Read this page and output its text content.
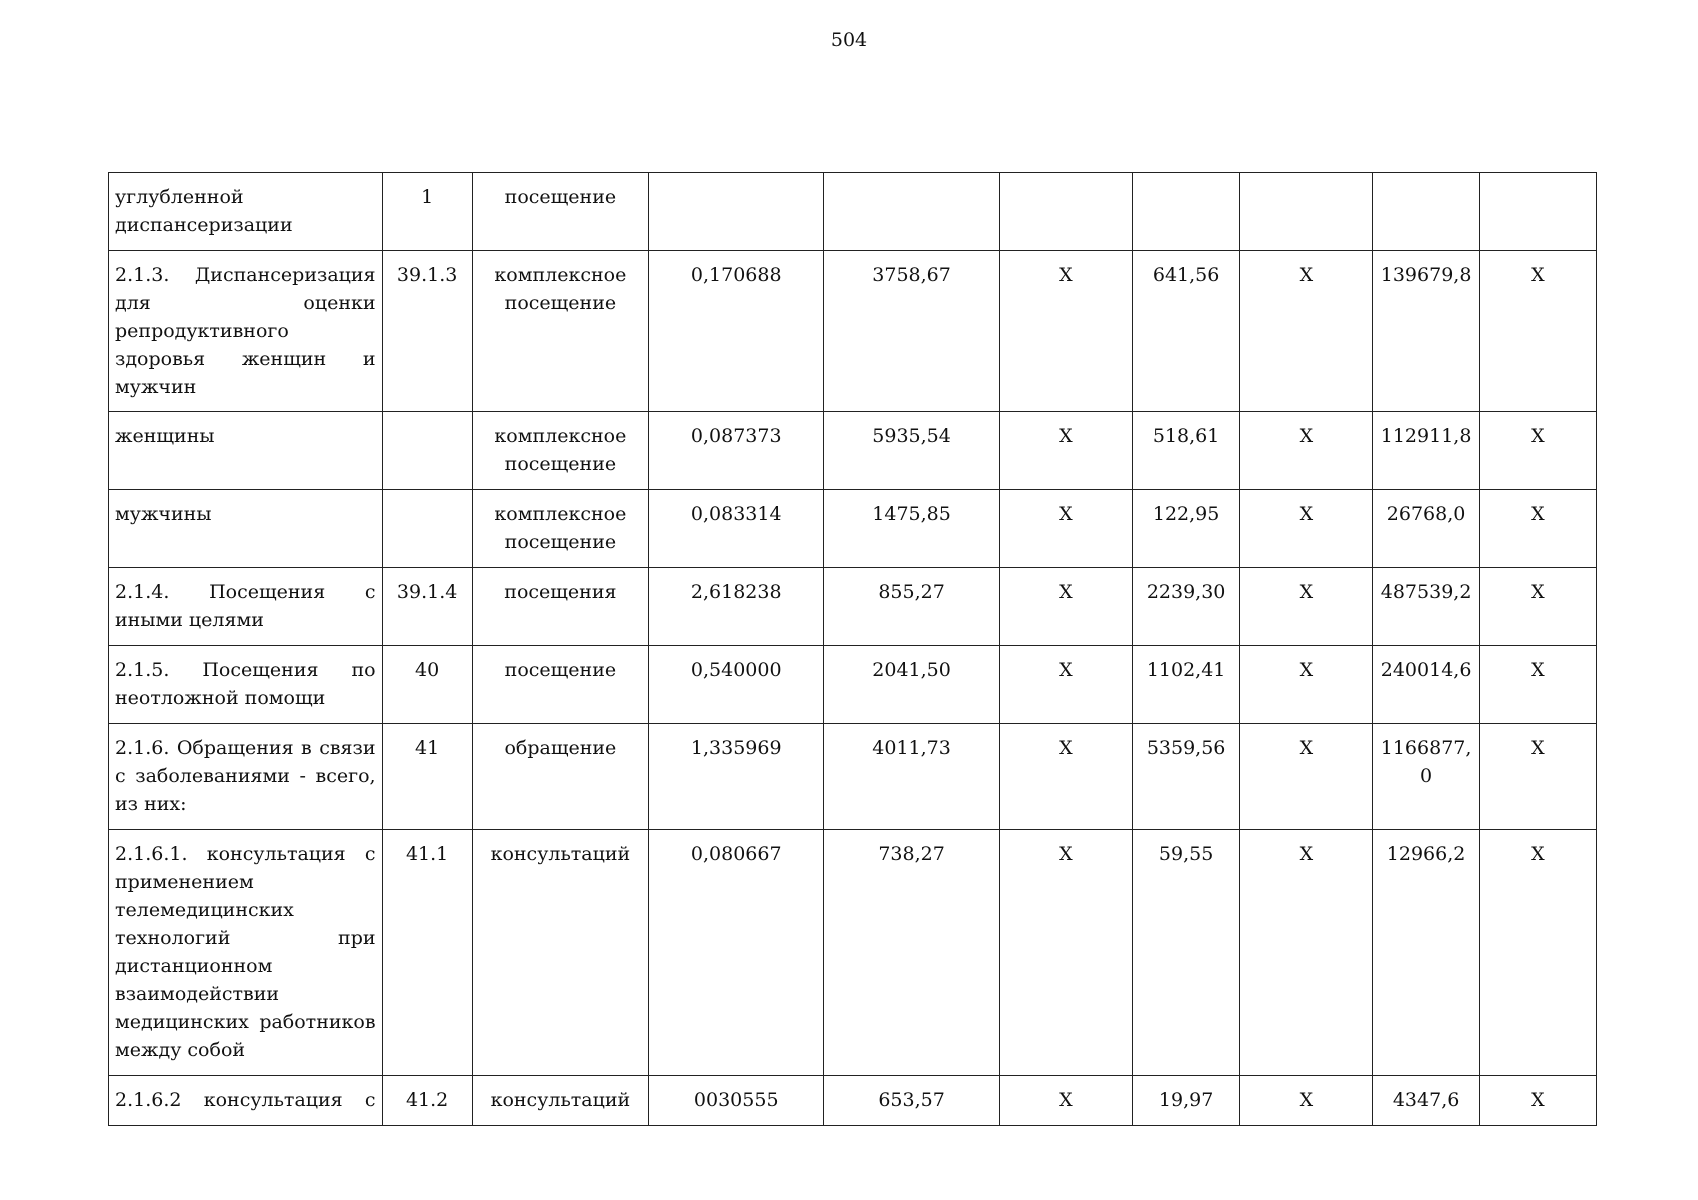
504
углубленной диспансеризации	1	посещение							
2.1.3. Диспансеризация для оценки репродуктивного здоровья женщин и мужчин	39.1.3	комплексное посещение	0,170688	3758,67	X	641,56	X	139679,8	X
женщины		комплексное посещение	0,087373	5935,54	X	518,61	X	112911,8	X
мужчины		комплексное посещение	0,083314	1475,85	X	122,95	X	26768,0	X
2.1.4. Посещения с иными целями	39.1.4	посещения	2,618238	855,27	X	2239,30	X	487539,2	X
2.1.5. Посещения по неотложной помощи	40	посещение	0,540000	2041,50	X	1102,41	X	240014,6	X
2.1.6. Обращения в связи с заболеваниями - всего, из них:	41	обращение	1,335969	4011,73	X	5359,56	X	1166877,0	X
2.1.6.1. консультация с применением телемедицинских технологий при дистанционном взаимодействии медицинских работников между собой	41.1	консультаций	0,080667	738,27	X	59,55	X	12966,2	X

2.1.6.2 консультация с	41.2	консультаций	0030555	653,57	X	19,97	X	4347,6	X
